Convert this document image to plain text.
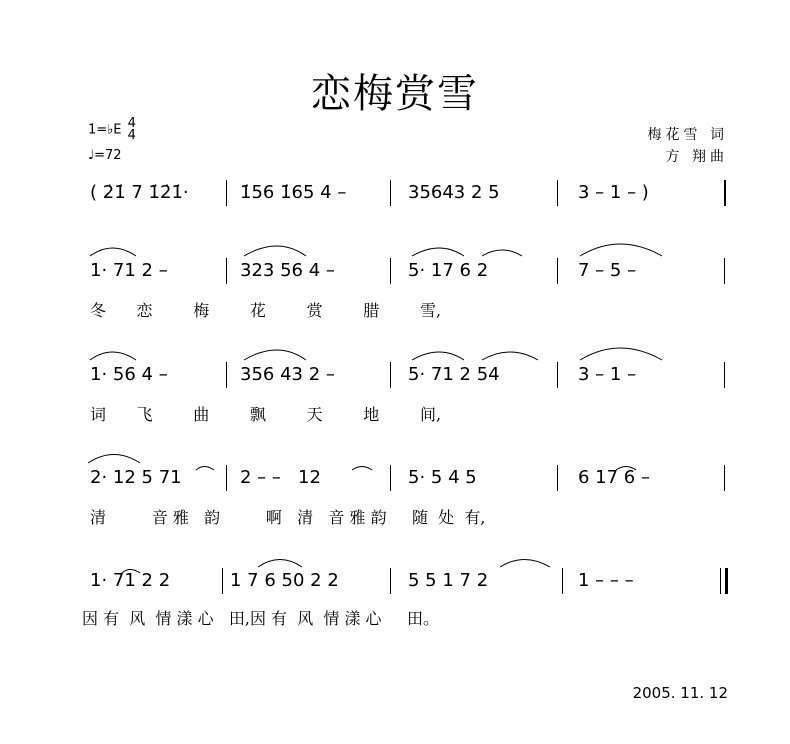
恋梅赏雪
1=♭E 4
4
♩=72
梅花雪 词
方 翔曲
( 2̇1̇ 7 1̇2̇1̇·	1̇56 1̇65 4 –	35643 2 5	3 – 1 – )
1· 71 2 –	323 56 4 –	5· 17 6 2	7 – 5 –
冬      恋        梅        花        赏        腊        雪,
1· 56 4 –	356 43 2 –	5· 71 2 54	3 – 1 –
词      飞        曲        飘        天        地        间,
2· 12 5 71	2 – –   12	5· 5 4 5	6 17 6 –
清         音 雅   韵         啊   清   音 雅 韵     随  处  有,
1· 71 2 2	1 7 6 50 2 2	5 5 1 7 2	1 – – –
因 有  风  情 漾 心   田,因 有  风  情 漾 心     田。
2005. 11. 12
